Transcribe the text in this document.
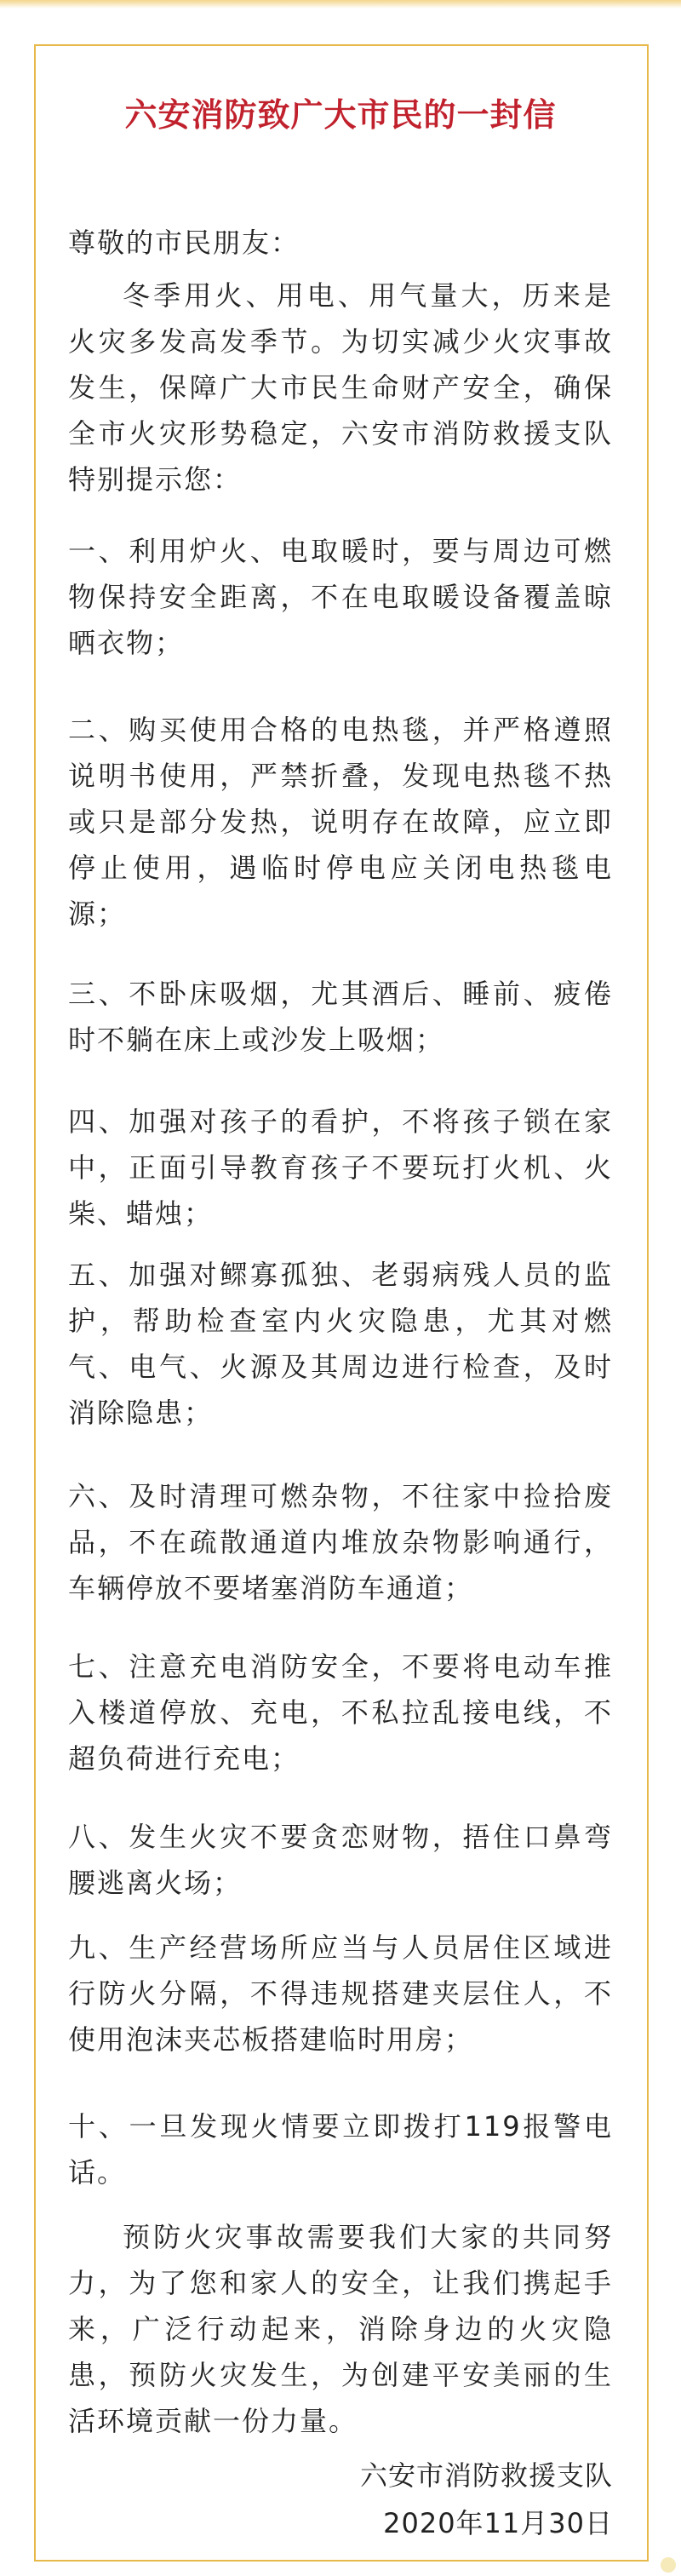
六安消防致广大市民的一封信

尊敬的市民朋友：

冬季用火、用电、用气量大，历来是火灾多发高发季节。为切实减少火灾事故发生，保障广大市民生命财产安全，确保全市火灾形势稳定，六安市消防救援支队特别提示您：

一、利用炉火、电取暖时，要与周边可燃物保持安全距离，不在电取暖设备覆盖晾晒衣物；

二、购买使用合格的电热毯，并严格遵照说明书使用，严禁折叠，发现电热毯不热或只是部分发热，说明存在故障，应立即停止使用，遇临时停电应关闭电热毯电源；

三、不卧床吸烟，尤其酒后、睡前、疲倦时不躺在床上或沙发上吸烟；

四、加强对孩子的看护，不将孩子锁在家中，正面引导教育孩子不要玩打火机、火柴、蜡烛；

五、加强对鳏寡孤独、老弱病残人员的监护，帮助检查室内火灾隐患，尤其对燃气、电气、火源及其周边进行检查，及时消除隐患；

六、及时清理可燃杂物，不往家中捡拾废品，不在疏散通道内堆放杂物影响通行，车辆停放不要堵塞消防车通道；

七、注意充电消防安全，不要将电动车推入楼道停放、充电，不私拉乱接电线，不超负荷进行充电；

八、发生火灾不要贪恋财物，捂住口鼻弯腰逃离火场；

九、生产经营场所应当与人员居住区域进行防火分隔，不得违规搭建夹层住人，不使用泡沫夹芯板搭建临时用房；

十、一旦发现火情要立即拨打119报警电话。

预防火灾事故需要我们大家的共同努力，为了您和家人的安全，让我们携起手来，广泛行动起来，消除身边的火灾隐患，预防火灾发生，为创建平安美丽的生活环境贡献一份力量。

六安市消防救援支队

2020年11月30日
